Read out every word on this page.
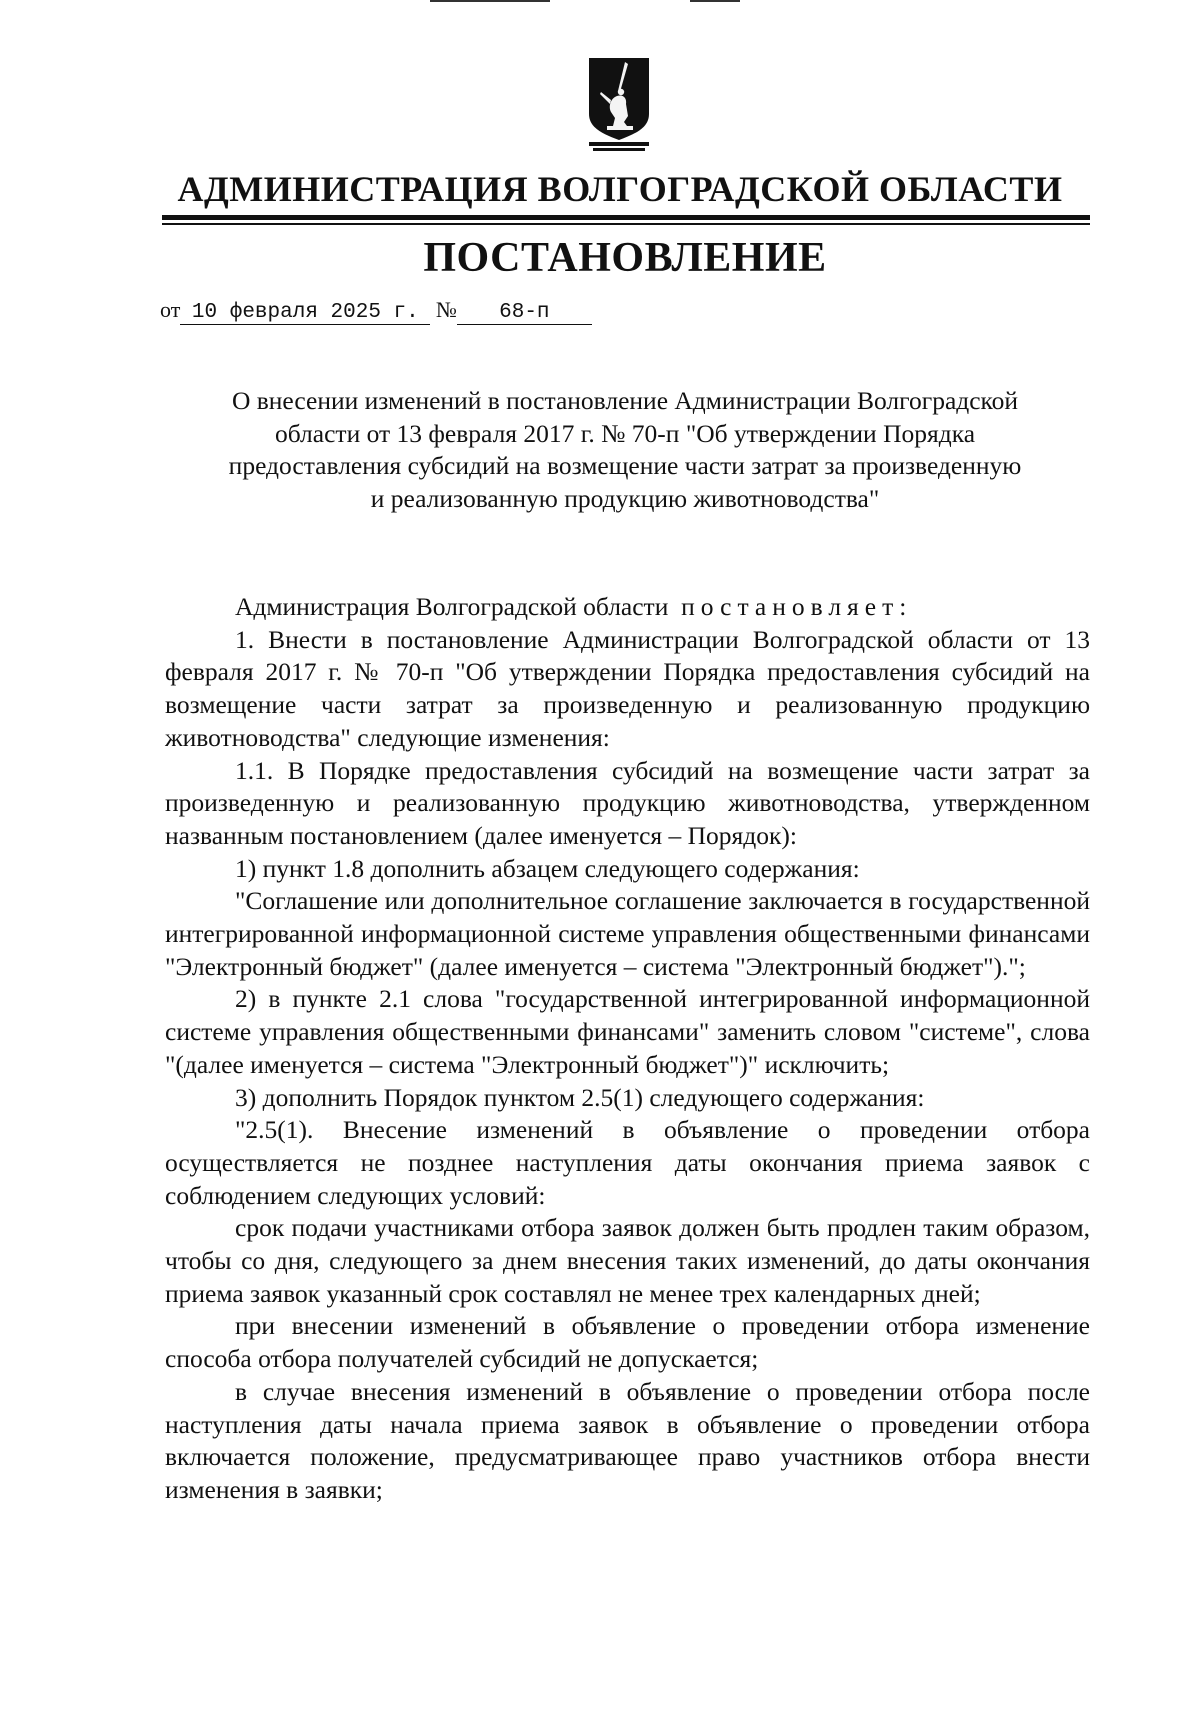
АДМИНИСТРАЦИЯ ВОЛГОГРАДСКОЙ ОБЛАСТИ
ПОСТАНОВЛЕНИЕ
от 10 февраля 2025 г. № 68-п
О внесении изменений в постановление Администрации Волгоградской
области от 13 февраля 2017 г. № 70-п "Об утверждении Порядка
предоставления субсидий на возмещение части затрат за произведенную
и реализованную продукцию животноводства"

Администрация Волгоградской области постановляет:

1. Внести в постановление Администрации Волгоградской области от 13 февраля 2017 г. № 70-п "Об утверждении Порядка предоставления субсидий на возмещение части затрат за произведенную и реализованную продукцию животноводства" следующие изменения:

1.1. В Порядке предоставления субсидий на возмещение части затрат за произведенную и реализованную продукцию животноводства, утвержденном названным постановлением (далее именуется – Порядок):

1) пункт 1.8 дополнить абзацем следующего содержания:

"Соглашение или дополнительное соглашение заключается в государственной интегрированной информационной системе управления общественными финансами "Электронный бюджет" (далее именуется – система "Электронный бюджет").";

2) в пункте 2.1 слова "государственной интегрированной информационной системе управления общественными финансами" заменить словом "системе", слова "(далее именуется – система "Электронный бюджет")" исключить;

3) дополнить Порядок пунктом 2.5(1) следующего содержания:

"2.5(1). Внесение изменений в объявление о проведении отбора осуществляется не позднее наступления даты окончания приема заявок с соблюдением следующих условий:

срок подачи участниками отбора заявок должен быть продлен таким образом, чтобы со дня, следующего за днем внесения таких изменений, до даты окончания приема заявок указанный срок составлял не менее трех календарных дней;

при внесении изменений в объявление о проведении отбора изменение способа отбора получателей субсидий не допускается;

в случае внесения изменений в объявление о проведении отбора после наступления даты начала приема заявок в объявление о проведении отбора включается положение, предусматривающее право участников отбора внести изменения в заявки;
